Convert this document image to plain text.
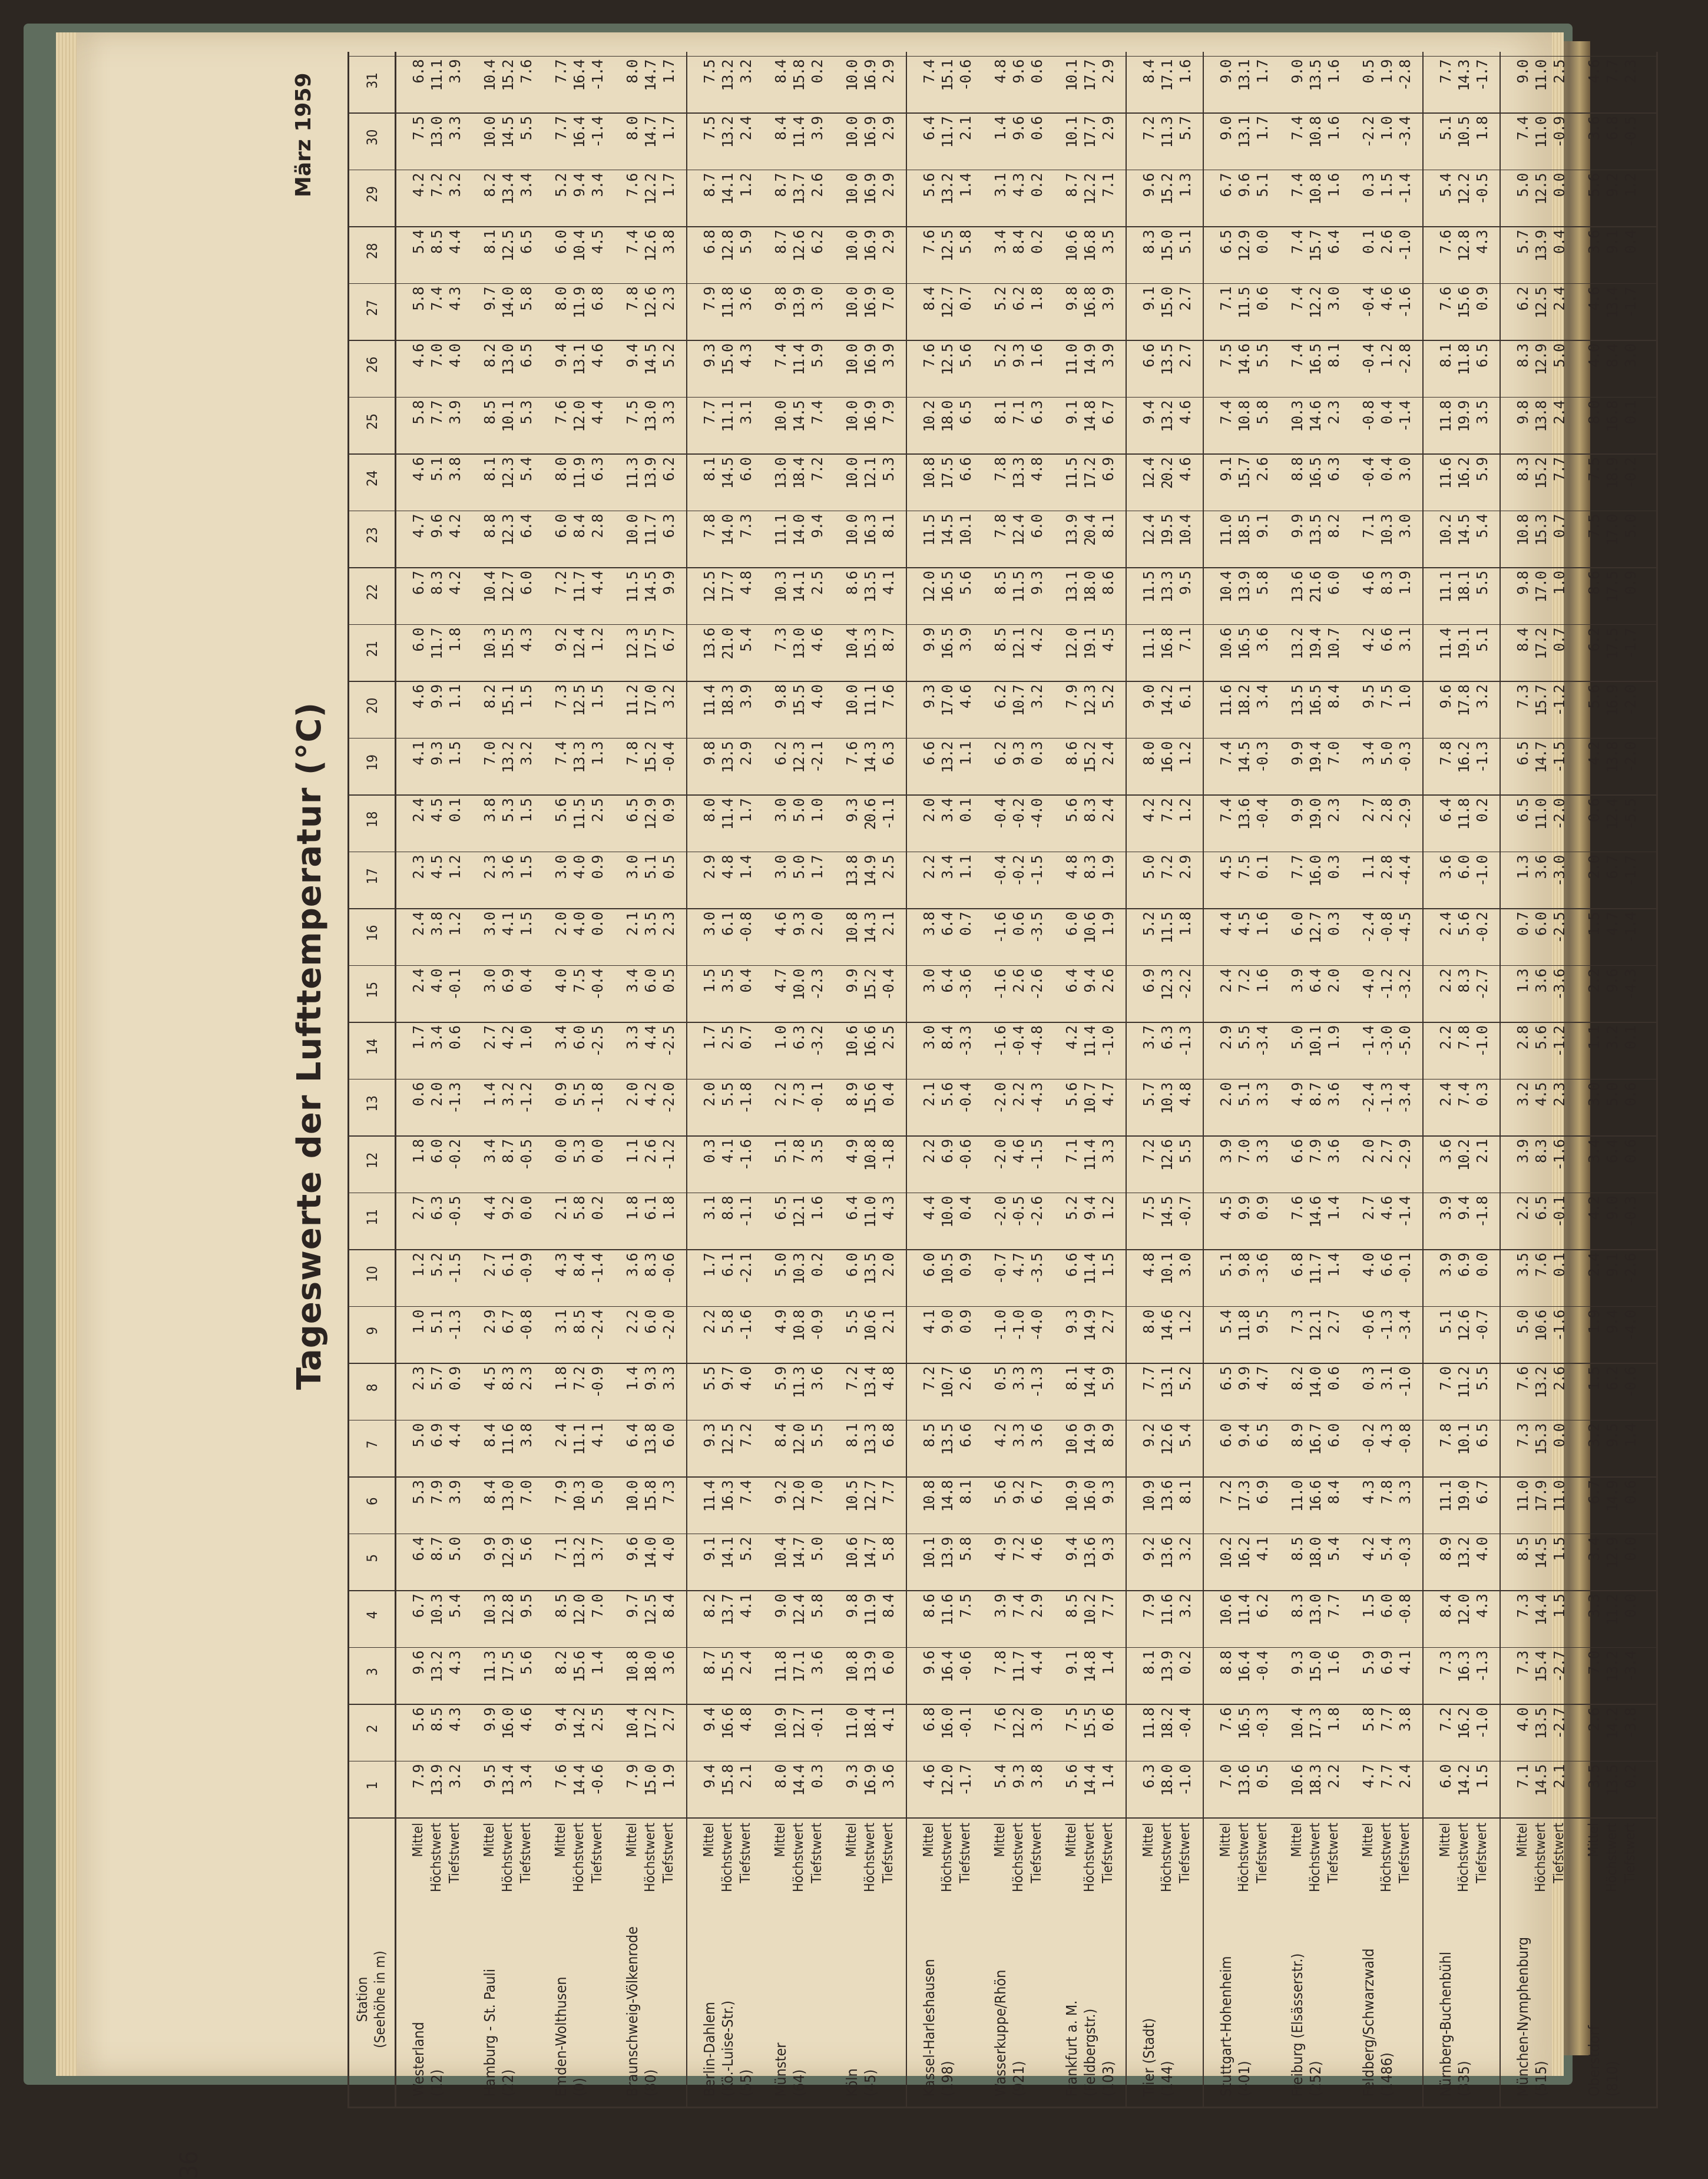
36
Tageswerte der Lufttemperatur (°C)
März 1959
Station (Seehöhe in m)
1
2
3
4
5
6
7
8
9
10
11
12
13
14
15
16
17
18
19
20
21
22
23
24
25
26
27
28
29
30
31
Westerland
(12)
Mittel
7.9
5.6
9.6
6.7
6.4
5.3
5.0
2.3
1.0
1.2
2.7
1.8
0.6
1.7
2.4
2.4
2.3
2.4
4.1
4.6
6.0
6.7
4.7
4.6
5.8
4.6
5.8
5.4
4.2
7.5
6.8
Höchstwert
13.9
8.5
13.2
10.3
8.7
7.9
6.9
5.7
5.1
5.2
6.3
6.0
2.0
3.4
4.0
3.8
4.5
4.5
9.3
9.9
11.7
8.3
9.6
5.1
7.7
7.0
7.4
8.5
7.2
13.0
11.1
Tiefstwert
3.2
4.3
4.3
5.4
5.0
3.9
4.4
0.9
-1.3
-1.5
-0.5
-0.2
-1.3
0.6
-0.1
1.2
1.2
0.1
1.5
1.1
1.8
4.2
4.2
3.8
3.9
4.0
4.3
4.4
3.2
3.3
3.9
Hamburg - St. Pauli
(22)
Mittel
9.5
9.9
11.3
10.3
9.9
8.4
8.4
4.5
2.9
2.7
4.4
3.4
1.4
2.7
3.0
3.0
2.3
3.8
7.0
8.2
10.3
10.4
8.8
8.1
8.5
8.2
9.7
8.1
8.2
10.0
10.4
Höchstwert
13.4
16.0
17.5
12.8
12.9
13.0
11.6
8.3
6.7
6.1
9.2
8.7
3.2
4.2
6.9
4.1
3.6
5.3
13.2
15.1
15.5
12.7
12.3
12.3
10.1
13.0
14.0
12.5
13.4
14.5
15.2
Tiefstwert
3.4
4.6
5.6
9.5
5.6
7.0
3.8
2.3
-0.8
-0.9
0.0
-0.5
-1.2
1.0
0.4
1.5
1.5
1.5
3.2
1.5
4.3
6.0
6.4
5.4
5.3
6.5
5.8
6.5
3.4
5.5
7.6
Emden-Wolthusen
(0)
Mittel
7.6
9.4
8.2
8.5
7.1
7.9
2.4
1.8
3.1
4.3
2.1
0.0
0.9
3.4
4.0
2.0
3.0
5.6
7.4
7.3
9.2
7.2
6.0
8.0
7.6
9.4
8.0
6.0
5.2
7.7
7.7
Höchstwert
14.4
14.2
15.6
12.0
13.2
10.3
11.1
7.2
8.5
8.4
5.8
5.3
5.5
6.0
7.5
4.0
4.0
11.5
13.3
12.5
12.4
11.7
8.4
11.9
12.0
13.1
11.9
10.4
9.4
16.4
16.4
Tiefstwert
-0.6
2.5
1.4
7.0
3.7
5.0
4.1
-0.9
-2.4
-1.4
0.2
0.0
-1.8
-2.5
-0.4
0.0
0.9
2.5
1.3
1.5
1.2
4.4
2.8
6.3
4.4
4.6
6.8
4.5
3.4
-1.4
-1.4
Braunschweig-Völkenrode
(80)
Mittel
7.9
10.4
10.8
9.7
9.6
10.0
6.4
1.4
2.2
3.6
1.8
1.1
2.0
3.3
3.4
2.1
3.0
6.5
7.8
11.2
12.3
11.5
10.0
11.3
7.5
9.4
7.8
7.4
7.6
8.0
8.0
Höchstwert
15.0
17.2
18.0
12.5
14.0
15.8
13.8
9.3
6.0
8.3
6.1
2.6
4.2
4.4
6.0
3.5
5.1
12.9
15.2
17.0
17.5
14.5
11.7
13.9
13.0
14.5
12.6
12.6
12.2
14.7
14.7
Tiefstwert
1.9
2.7
3.6
8.4
4.0
7.3
6.0
3.3
-2.0
-0.6
1.8
-1.2
-2.0
-2.5
0.5
2.3
0.5
0.9
-0.4
3.2
6.7
9.9
6.3
6.2
3.3
5.2
2.3
3.8
1.7
1.7
1.7
Berlin-Dahlem
(Kö.-Luise-Str.)
(55)
Mittel
9.4
9.4
8.7
8.2
9.1
11.4
9.3
5.5
2.2
1.7
3.1
0.3
2.0
1.7
1.5
3.0
2.9
8.0
9.8
11.4
13.6
12.5
7.8
8.1
7.7
9.3
7.9
6.8
8.7
7.5
7.5
Höchstwert
15.8
16.6
15.5
13.7
14.1
16.3
12.5
9.7
5.8
6.1
8.8
4.1
5.5
2.5
3.5
6.1
4.8
11.4
13.5
18.3
21.0
17.7
14.0
14.5
11.1
15.0
11.8
12.8
14.1
13.2
13.2
Tiefstwert
2.1
4.8
2.4
4.1
5.2
7.4
7.2
4.0
-1.6
-2.1
-1.1
-1.6
-1.8
0.7
0.4
-0.8
1.4
1.7
2.9
3.9
5.4
4.8
7.3
6.0
3.1
4.3
3.6
5.9
1.2
2.4
3.2
Münster
(64)
Mittel
8.0
10.9
11.8
9.0
10.4
9.2
8.4
5.9
4.9
5.0
6.5
5.1
2.2
1.0
4.7
4.6
3.0
3.0
6.2
9.8
7.3
10.3
11.1
13.0
10.0
7.4
9.8
8.7
8.7
8.4
8.4
Höchstwert
14.4
12.7
17.1
12.4
14.7
12.0
12.0
11.3
10.8
10.3
12.1
7.8
7.3
6.3
10.0
9.3
5.0
5.0
12.3
15.5
13.0
14.1
14.0
18.4
14.5
11.4
13.9
12.6
13.7
11.4
15.8
Tiefstwert
0.3
-0.1
3.6
5.8
5.0
7.0
5.5
3.6
-0.9
0.2
1.6
3.5
-0.1
-3.2
-2.3
2.0
1.7
1.0
-2.1
4.0
4.6
2.5
9.4
7.2
7.4
5.9
3.0
6.2
2.6
3.9
0.2
Köln
(45)
Mittel
9.3
11.0
10.8
9.8
10.6
10.5
8.1
7.2
5.5
6.0
6.4
4.9
8.9
10.6
9.9
10.8
13.8
9.3
7.6
10.0
10.4
8.6
10.0
10.0
10.0
10.0
10.0
10.0
10.0
10.0
10.0
Höchstwert
16.9
18.4
13.9
11.9
14.7
12.7
13.3
13.4
10.6
13.5
11.0
10.8
15.6
16.6
15.2
14.3
14.9
20.6
14.3
11.1
15.3
13.5
16.3
12.1
16.9
16.9
16.9
16.9
16.9
16.9
16.9
Tiefstwert
3.6
4.1
6.0
8.4
5.8
7.7
6.8
4.8
2.1
2.0
4.3
-1.8
0.4
2.5
-0.4
2.1
2.5
-1.1
6.3
7.6
8.7
4.1
8.1
5.3
7.9
3.9
7.0
2.9
2.9
2.9
2.9
Kassel-Harleshausen
(198)
Mittel
4.6
6.8
9.6
8.6
10.1
10.8
8.5
7.2
4.1
6.0
4.4
2.2
2.1
3.0
3.0
3.8
2.2
2.0
6.6
9.3
9.9
12.0
11.5
10.8
10.2
7.6
8.4
7.6
5.6
6.4
7.4
Höchstwert
12.0
16.0
16.4
11.6
13.9
14.8
13.5
10.7
9.0
10.5
10.0
6.9
5.6
8.4
6.4
6.4
3.4
3.4
13.2
17.0
16.5
16.5
14.5
17.5
18.0
12.5
12.7
12.5
13.2
11.7
15.1
Tiefstwert
-1.7
-0.1
-0.6
7.5
5.8
8.1
6.6
2.6
0.9
0.9
0.4
-0.6
-0.4
-3.3
-3.6
0.7
1.1
0.1
1.1
4.6
3.9
5.6
10.1
6.6
6.5
5.6
0.7
5.8
1.4
2.1
-0.6
Wasserkuppe/Rhön
(921)
Mittel
5.4
7.6
7.8
3.9
4.9
5.6
4.2
0.5
-1.0
-0.7
-2.0
-2.0
-2.0
-1.6
-1.6
-1.6
-0.4
-0.4
6.2
6.2
8.5
8.5
7.8
7.8
8.1
5.2
5.2
3.4
3.1
1.4
4.8
Höchstwert
9.3
12.2
11.7
7.4
7.2
9.2
3.3
3.3
-1.0
4.7
-0.5
4.6
2.2
-0.4
2.6
0.6
-0.2
-0.2
9.3
10.7
12.1
11.5
12.4
13.3
7.1
9.3
6.2
8.4
4.3
9.6
9.6
Tiefstwert
3.8
3.0
4.4
2.9
4.6
6.7
3.6
-1.3
-4.0
-3.5
-2.6
-1.5
-4.3
-4.8
-2.6
-3.5
-1.5
-4.0
0.3
3.2
4.2
9.3
6.0
4.8
6.3
1.6
1.8
0.2
0.2
0.6
0.6
Frankfurt a. M.
(Feldbergstr.)
(103)
Mittel
5.6
7.5
9.1
8.5
9.4
10.9
10.6
8.1
9.3
6.6
5.2
7.1
5.6
4.2
6.4
6.0
4.8
5.6
8.6
7.9
12.0
13.1
13.9
11.5
9.1
11.0
9.8
10.6
8.7
10.1
10.1
Höchstwert
14.4
15.5
14.8
10.2
13.6
16.0
14.9
14.4
14.9
11.4
9.4
11.4
10.7
11.4
9.4
10.6
8.3
8.3
15.2
12.3
19.1
18.0
20.4
17.2
14.8
14.9
16.8
16.8
12.2
17.7
17.7
Tiefstwert
1.4
0.6
1.4
7.7
9.3
9.3
8.9
5.9
2.7
1.5
1.2
3.3
4.7
-1.0
2.6
1.9
1.9
2.4
2.4
5.2
4.5
8.6
8.1
6.9
6.7
3.9
3.9
3.5
7.1
2.9
2.9
Trier (Stadt)
(144)
Mittel
6.3
11.8
8.1
7.9
9.2
10.9
9.2
7.7
8.0
4.8
7.5
7.2
5.7
3.7
6.9
5.2
5.0
4.2
8.0
9.0
11.1
11.5
12.4
12.4
9.4
6.6
9.1
8.3
9.6
7.2
8.4
Höchstwert
18.0
18.2
13.9
11.6
13.6
13.6
12.6
13.1
14.6
10.1
14.5
12.6
10.3
6.3
12.3
11.5
7.2
7.2
16.0
14.2
16.8
13.3
19.5
20.2
13.2
13.5
15.0
15.0
15.2
11.3
17.1
Tiefstwert
-1.0
-0.4
0.2
3.2
3.2
8.1
5.4
5.2
1.2
3.0
-0.7
5.5
4.8
-1.3
-2.2
1.8
2.9
1.2
1.2
6.1
7.1
9.5
10.4
4.6
4.6
2.7
2.7
5.1
1.3
5.7
1.6
Stuttgart-Hohenheim
(401)
Mittel
7.0
7.6
8.8
10.6
10.2
7.2
6.0
6.5
5.4
5.1
4.5
3.9
2.0
2.9
2.4
4.4
4.5
7.4
7.4
11.6
10.6
10.4
11.0
9.1
7.4
7.5
7.1
6.5
6.7
9.0
9.0
Höchstwert
13.6
16.5
16.4
11.4
16.2
17.3
9.4
9.9
11.8
9.8
9.9
7.0
5.1
5.5
7.2
4.5
7.5
13.6
14.5
18.2
16.5
13.9
18.5
15.7
10.8
14.6
11.5
12.9
9.6
13.1
13.1
Tiefstwert
0.5
-0.3
-0.4
6.2
4.1
6.9
6.5
4.7
9.5
-3.6
0.9
3.3
3.3
-3.4
1.6
1.6
0.1
-0.4
-0.3
3.4
3.6
5.8
9.1
2.6
5.8
5.5
0.6
0.0
5.1
1.7
1.7
Freiburg (Elsässerstr.)
(252)
Mittel
10.6
10.4
9.3
8.3
8.5
11.0
8.9
8.2
7.3
6.8
7.6
6.6
4.9
5.0
3.9
6.0
7.7
9.9
9.9
13.5
13.2
13.6
9.9
8.8
10.3
7.4
7.4
7.4
7.4
7.4
9.0
Höchstwert
18.3
17.3
15.0
13.0
18.0
16.6
16.7
14.0
12.1
11.7
14.6
7.9
8.7
10.1
6.4
12.7
16.0
19.0
19.4
16.5
19.4
21.6
13.5
16.5
14.6
16.5
12.2
15.7
10.8
10.8
13.5
Tiefstwert
2.2
1.8
1.6
7.7
5.4
8.4
6.0
0.6
2.7
1.4
1.4
3.6
3.6
1.9
2.0
0.3
0.3
2.3
7.0
8.4
10.7
6.0
8.2
6.3
2.3
8.1
3.0
6.4
1.6
1.6
1.6
Feldberg/Schwarzwald
(1486)
Mittel
4.7
5.8
5.9
1.5
4.2
4.3
-0.2
0.3
-0.6
4.0
2.7
2.0
-2.4
-1.4
-4.0
-2.4
1.1
2.7
3.4
9.5
4.2
4.6
7.1
-0.4
-0.8
-0.4
-0.4
0.1
0.3
-2.2
0.5
Höchstwert
7.7
7.7
6.9
6.0
5.4
7.8
4.3
3.1
-1.3
6.6
4.6
2.7
-1.3
-3.0
-1.2
-0.8
2.8
2.8
5.0
7.5
6.6
8.3
10.3
0.4
0.4
1.2
4.6
2.6
1.5
1.0
1.9
Tiefstwert
2.4
3.8
4.1
-0.8
-0.3
3.3
-0.8
-1.0
-3.4
-0.1
-1.4
-2.9
-3.4
-5.0
-3.2
-4.5
-4.4
-2.9
-0.3
1.0
3.1
1.9
3.0
3.0
-1.4
-2.8
-1.6
-1.0
-1.4
-3.4
-2.8
Nürnberg-Buchenbühl
(335)
Mittel
6.0
7.2
7.3
8.4
8.9
11.1
7.8
7.0
5.1
3.9
3.9
3.6
2.4
2.2
2.2
2.4
3.6
6.4
7.8
9.6
11.4
11.1
10.2
11.6
11.8
8.1
7.6
7.6
5.4
5.1
7.7
Höchstwert
14.2
16.2
16.3
12.0
13.2
19.0
10.1
11.2
12.6
6.9
9.4
10.2
7.4
7.8
8.3
5.6
6.0
11.8
16.2
17.8
19.1
18.1
14.5
16.2
19.9
11.8
15.6
12.8
12.2
10.5
14.3
Tiefstwert
1.5
-1.0
-1.3
4.3
4.0
6.7
6.5
5.5
-0.7
0.0
-1.8
2.1
0.3
-1.0
-2.7
-0.2
-1.0
0.2
-1.3
3.2
5.1
5.5
5.4
5.9
3.5
6.5
0.9
4.3
-0.5
1.8
-1.7
München-Nymphenburg
(515)
Mittel
7.1
4.0
7.3
7.3
8.5
11.0
7.3
7.6
5.0
3.5
2.2
3.9
3.2
2.8
1.3
0.7
1.3
6.5
6.5
7.3
8.4
9.8
10.8
8.3
9.8
8.3
6.2
5.7
5.0
7.4
9.0
Höchstwert
14.5
13.5
15.4
14.4
14.5
17.9
15.3
13.2
10.6
7.6
6.5
8.3
4.5
5.6
3.6
6.0
3.6
11.0
14.7
15.7
17.2
17.0
15.3
15.2
13.8
12.9
12.5
13.9
12.5
11.0
11.0
Tiefstwert
2.1
-2.7
-2.7
1.5
1.5
11.0
0.0
2.6
-1.6
0.1
-0.1
-1.6
2.3
-1.2
-3.6
-2.5
-3.0
-2.0
-1.5
-1.2
0.7
1.0
0.7
7.7
2.4
5.0
2.4
0.4
0.0
-0.9
2.5
Oberstdorf
(810)
Mittel
3.5
2.6
7.0
3.3
3.4
6.7
3.2
1.5
1.9
2.4
4.2
3.4
3.0
1.1
2.2
1.5
2.0
0.6
4.2
5.6
6.2
8.6
7.5
7.5
8.0
4.0
4.6
3.6
5.6
3.6
4.6
Höchstwert
13.5
14.2
13.2
11.2
12.9
14.9
9.5
6.2
9.4
9.1
9.0
6.4
5.0
3.2
9.6
4.7
6.7
12.4
13.8
16.9
17.5
17.5
17.0
18.9
16.8
8.4
13.4
9.1
9.2
6.8
7.7
Tiefstwert
0.2
-3.8
-3.4
0.0
0.0
0.6
1.4
-0.6
-4.0
-2.6
-0.3
0.6
0.6
0.1
-4.3
-1.4
-1.7
-5.5
-2.0
-2.0
-1.7
0.9
5.0
-0.2
0.1
3.0
-1.7
0.4
1.2
-0.5
2.3
